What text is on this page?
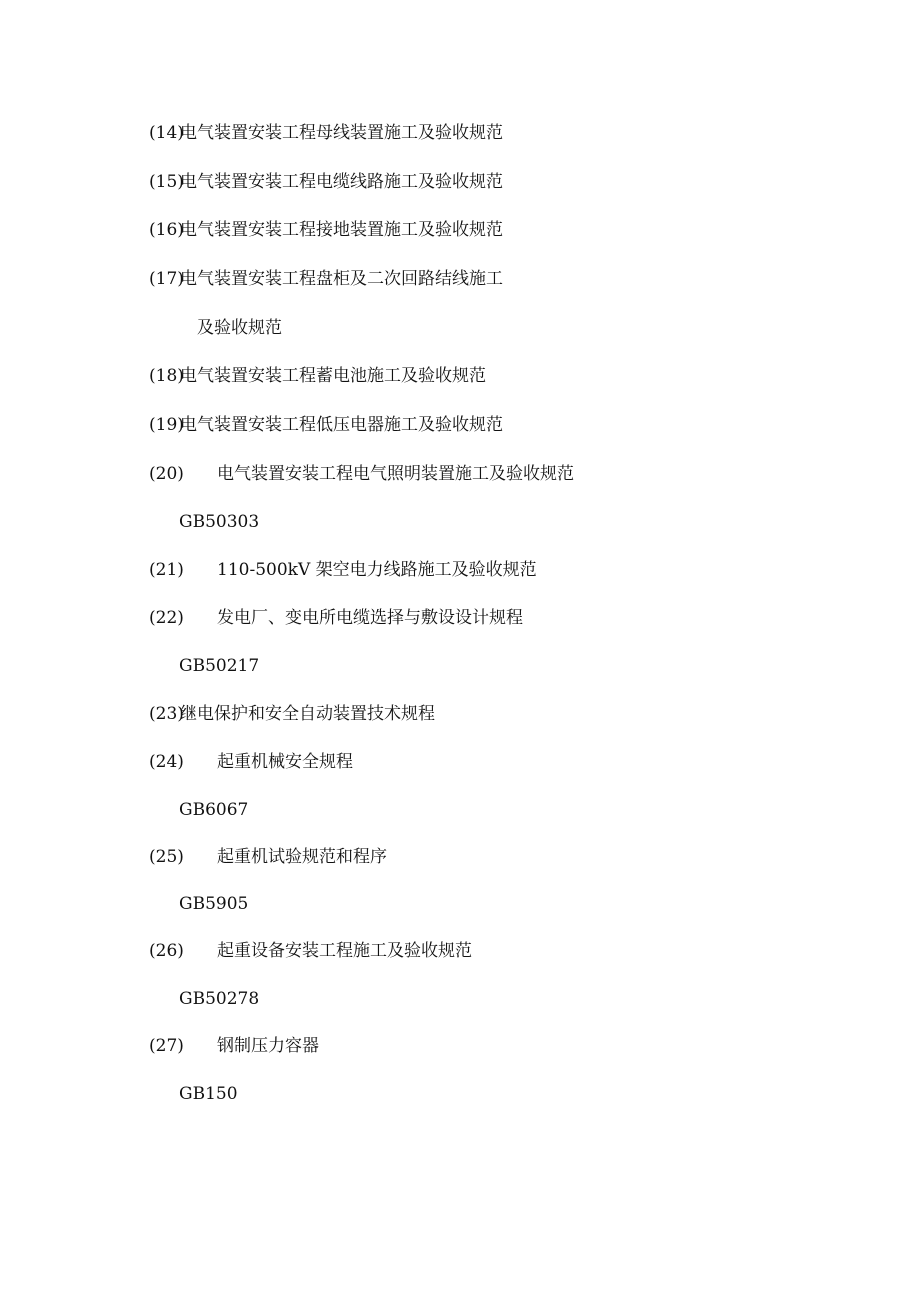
(14)
电气装置安装工程母线装置施工及验收规范
(15)
电气装置安装工程电缆线路施工及验收规范
(16)
电气装置安装工程接地装置施工及验收规范
(17)
电气装置安装工程盘柜及二次回路结线施工
及验收规范
(18)
电气装置安装工程蓄电池施工及验收规范
(19)
电气装置安装工程低压电器施工及验收规范
(20) 电气装置安装工程电气照明装置施工及验收规范
GB50303
(21) 110-500kV 架空电力线路施工及验收规范
(22) 发电厂、变电所电缆选择与敷设设计规程
GB50217
(23)
继电保护和安全自动装置技术规程
(24) 起重机械安全规程
GB6067
(25) 起重机试验规范和程序
GB5905
(26) 起重设备安装工程施工及验收规范
GB50278
(27) 钢制压力容器
GB150
